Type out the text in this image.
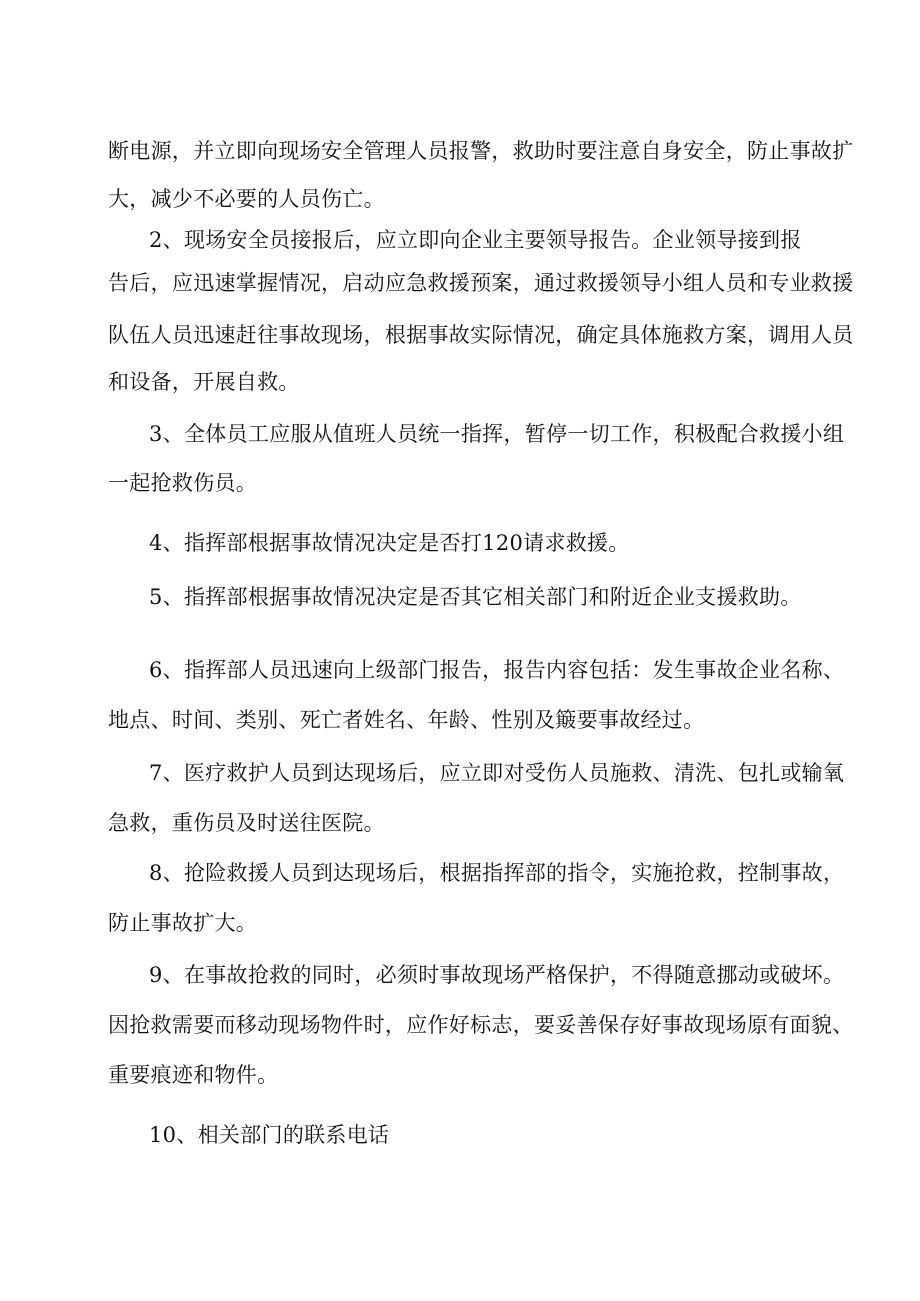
断电源，并立即向现场安全管理人员报警，救助时要注意自身安全，防止事故扩
大，减少不必要的人员伤亡。
2、现场安全员接报后，应立即向企业主要领导报告。企业领导接到报
告后，应迅速掌握情况，启动应急救援预案，通过救援领导小组人员和专业救援
队伍人员迅速赶往事故现场，根据事故实际情况，确定具体施救方案，调用人员
和设备，开展自救。
3、全体员工应服从值班人员统一指挥，暂停一切工作，积极配合救援小组
一起抢救伤员。
4、指挥部根据事故情况决定是否打120请求救援。
5、指挥部根据事故情况决定是否其它相关部门和附近企业支援救助。
6、指挥部人员迅速向上级部门报告，报告内容包括：发生事故企业名称、
地点、时间、类别、死亡者姓名、年龄、性别及簸要事故经过。
7、医疗救护人员到达现场后，应立即对受伤人员施救、清洗、包扎或输氧
急救，重伤员及时送往医院。
8、抢险救援人员到达现场后，根据指挥部的指令，实施抢救，控制事故，
防止事故扩大。
9、在事故抢救的同时，必须时事故现场严格保护，不得随意挪动或破坏。
因抢救需要而移动现场物件时，应作好标志，要妥善保存好事故现场原有面貌、
重要痕迹和物件。
10、相关部门的联系电话
